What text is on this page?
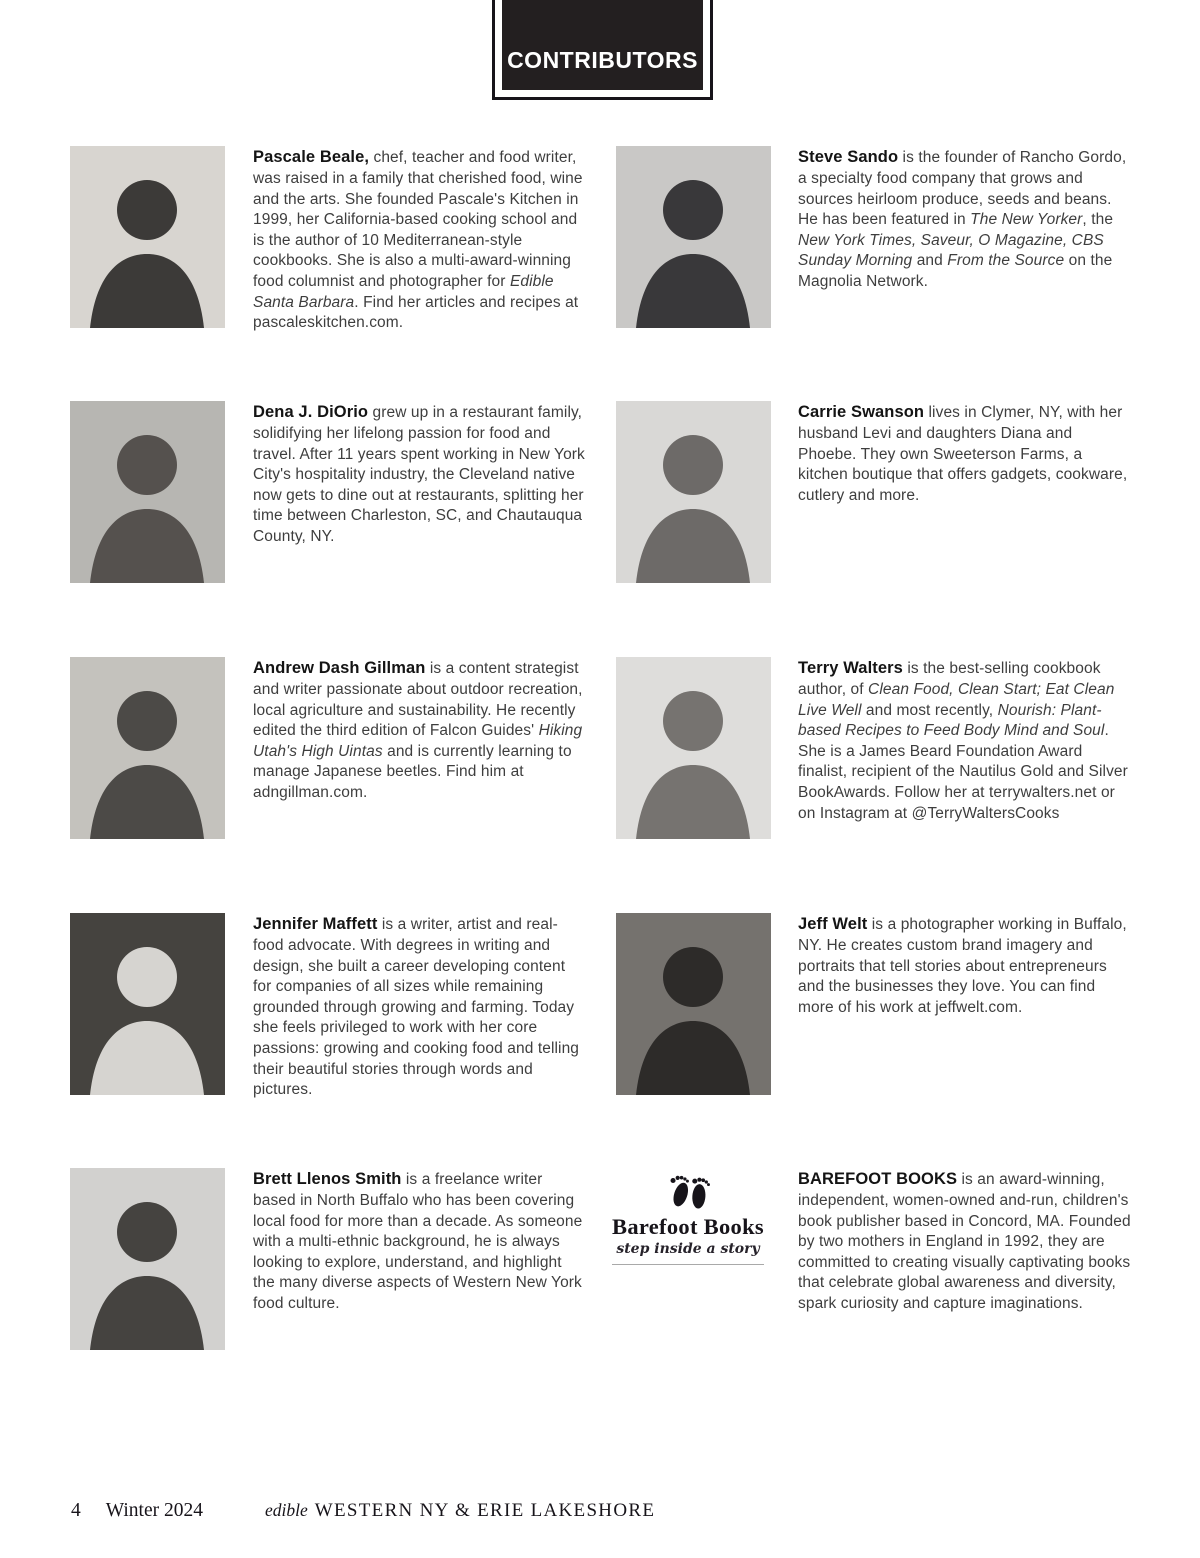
CONTRIBUTORS
4 Winter 2024	edible WESTERN NY & ERIE LAKESHORE
Pascale Beale, chef, teacher and food writer, was raised in a family that cherished food, wine and the arts. She founded Pascale's Kitchen in 1999, her California-based cooking school and is the author of 10 Mediterranean-style cookbooks. She is also a multi-award-winning food columnist and photographer for Edible Santa Barbara. Find her articles and recipes at pascaleskitchen.com.
Steve Sando is the founder of Rancho Gordo, a specialty food company that grows and sources heirloom produce, seeds and beans. He has been featured in The New Yorker, the New York Times, Saveur, O Magazine, CBS Sunday Morning and From the Source on the Magnolia Network.
Dena J. DiOrio grew up in a restaurant family, solidifying her lifelong passion for food and travel. After 11 years spent working in New York City's hospitality industry, the Cleveland native now gets to dine out at restaurants, splitting her time between Charleston, SC, and Chautauqua County, NY.
Carrie Swanson lives in Clymer, NY, with her husband Levi and daughters Diana and Phoebe. They own Sweeterson Farms, a kitchen boutique that offers gadgets, cookware, cutlery and more.
Andrew Dash Gillman is a content strategist and writer passionate about outdoor recreation, local agriculture and sustainability. He recently edited the third edition of Falcon Guides' Hiking Utah's High Uintas and is currently learning to manage Japanese beetles. Find him at adngillman.com.
Terry Walters is the best-selling cookbook author, of Clean Food, Clean Start; Eat Clean Live Well and most recently, Nourish: Plant-based Recipes to Feed Body Mind and Soul. She is a James Beard Foundation Award finalist, recipient of the Nautilus Gold and Silver BookAwards. Follow her at terrywalters.net or on Instagram at @TerryWaltersCooks
Jennifer Maffett is a writer, artist and real-food advocate. With degrees in writing and design, she built a career developing content for companies of all sizes while remaining grounded through growing and farming. Today she feels privileged to work with her core passions: growing and cooking food and telling their beautiful stories through words and pictures.
Jeff Welt is a photographer working in Buffalo, NY. He creates custom brand imagery and portraits that tell stories about entrepreneurs and the businesses they love. You can find more of his work at jeffwelt.com.
Brett Llenos Smith is a freelance writer based in North Buffalo who has been covering local food for more than a decade. As someone with a multi-ethnic background, he is always looking to explore, understand, and highlight the many diverse aspects of Western New York food culture.
Barefoot Books
step inside a story
BAREFOOT BOOKS is an award-winning, independent, women-owned and-run, children's book publisher based in Concord, MA. Founded by two mothers in England in 1992, they are committed to creating visually captivating books that celebrate global awareness and diversity, spark curiosity and capture imaginations.
